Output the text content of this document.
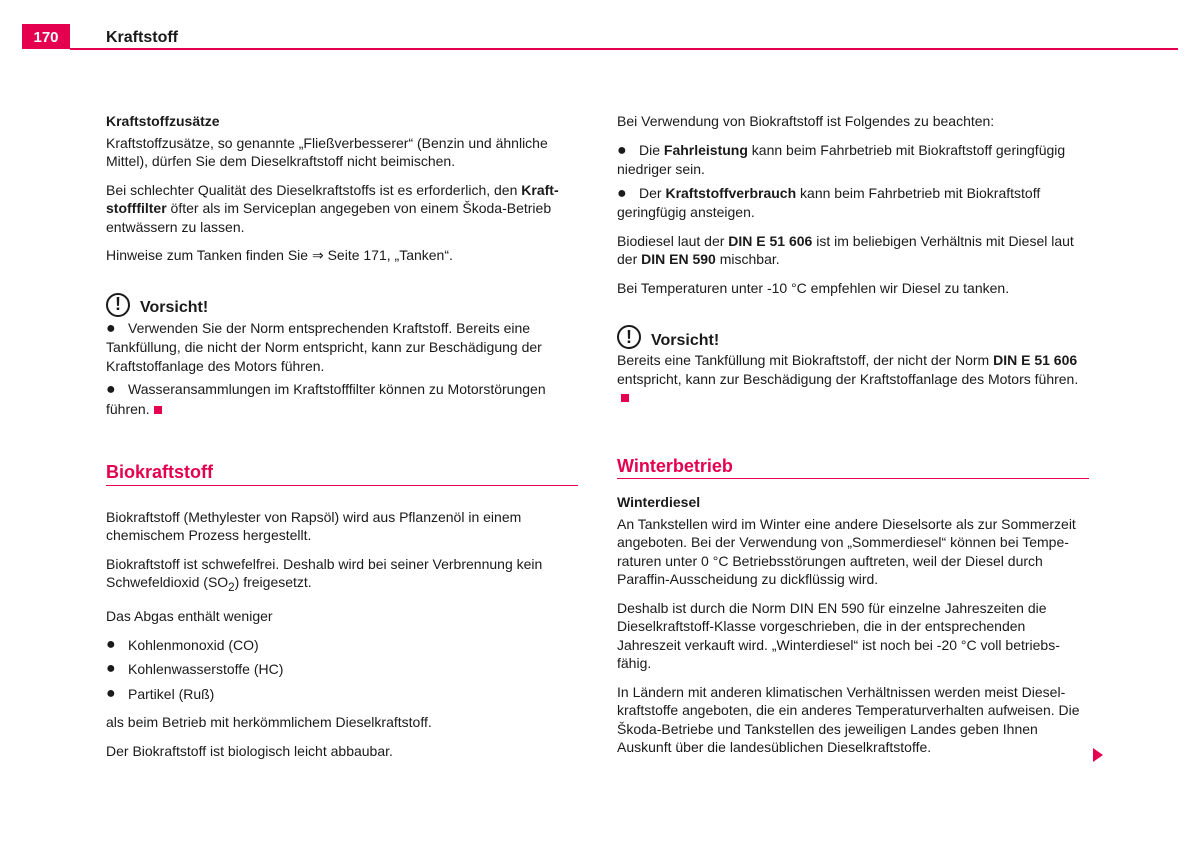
170	Kraftstoff

Kraftstoffzusätze

Kraftstoffzusätze, so genannte „Fließverbesserer“ (Benzin und ähnliche Mittel), dürfen Sie dem Dieselkraftstoff nicht beimischen.

Bei schlechter Qualität des Dieselkraftstoffs ist es erforderlich, den Kraftstofffilter öfter als im Serviceplan angegeben von einem Škoda-Betrieb entwässern zu lassen.

Hinweise zum Tanken finden Sie ⇒ Seite 171, „Tanken“.

!	Vorsicht!

● Verwenden Sie der Norm entsprechenden Kraftstoff. Bereits eine Tankfüllung, die nicht der Norm entspricht, kann zur Beschädigung der Kraftstoffanlage des Motors führen.

● Wasseransammlungen im Kraftstofffilter können zu Motorstörungen führen.

Biokraftstoff

Biokraftstoff (Methylester von Rapsöl) wird aus Pflanzenöl in einem chemischem Prozess hergestellt.

Biokraftstoff ist schwefelfrei. Deshalb wird bei seiner Verbrennung kein Schwefeldioxid $(SO_2)$ freigesetzt.

Das Abgas enthält weniger

● Kohlenmonoxid (CO)
● Kohlenwasserstoffe (HC)
● Partikel (Ruß)

als beim Betrieb mit herkömmlichem Dieselkraftstoff.

Der Biokraftstoff ist biologisch leicht abbaubar.

Bei Verwendung von Biokraftstoff ist Folgendes zu beachten:

● Die Fahrleistung kann beim Fahrbetrieb mit Biokraftstoff geringfügig niedriger sein.

● Der Kraftstoffverbrauch kann beim Fahrbetrieb mit Biokraftstoff geringfügig ansteigen.

Biodiesel laut der DIN E 51 606 ist im beliebigen Verhältnis mit Diesel laut der DIN EN 590 mischbar.

Bei Temperaturen unter -10 °C empfehlen wir Diesel zu tanken.

!	Vorsicht!

Bereits eine Tankfüllung mit Biokraftstoff, der nicht der Norm DIN E 51 606 entspricht, kann zur Beschädigung der Kraftstoffanlage des Motors führen.

Winterbetrieb

Winterdiesel

An Tankstellen wird im Winter eine andere Dieselsorte als zur Sommerzeit angeboten. Bei der Verwendung von „Sommerdiesel“ können bei Temperaturen unter 0 °C Betriebsstörungen auftreten, weil der Diesel durch Paraffin-Ausscheidung zu dickflüssig wird.

Deshalb ist durch die Norm DIN EN 590 für einzelne Jahreszeiten die Dieselkraftstoff-Klasse vorgeschrieben, die in der entsprechenden Jahreszeit verkauft wird. „Winterdiesel“ ist noch bei -20 °C voll betriebsfähig.

In Ländern mit anderen klimatischen Verhältnissen werden meist Dieselkraftstoffe angeboten, die ein anderes Temperaturverhalten aufweisen. Die Škoda-Betriebe und Tankstellen des jeweiligen Landes geben Ihnen Auskunft über die landesüblichen Dieselkraftstoffe.
